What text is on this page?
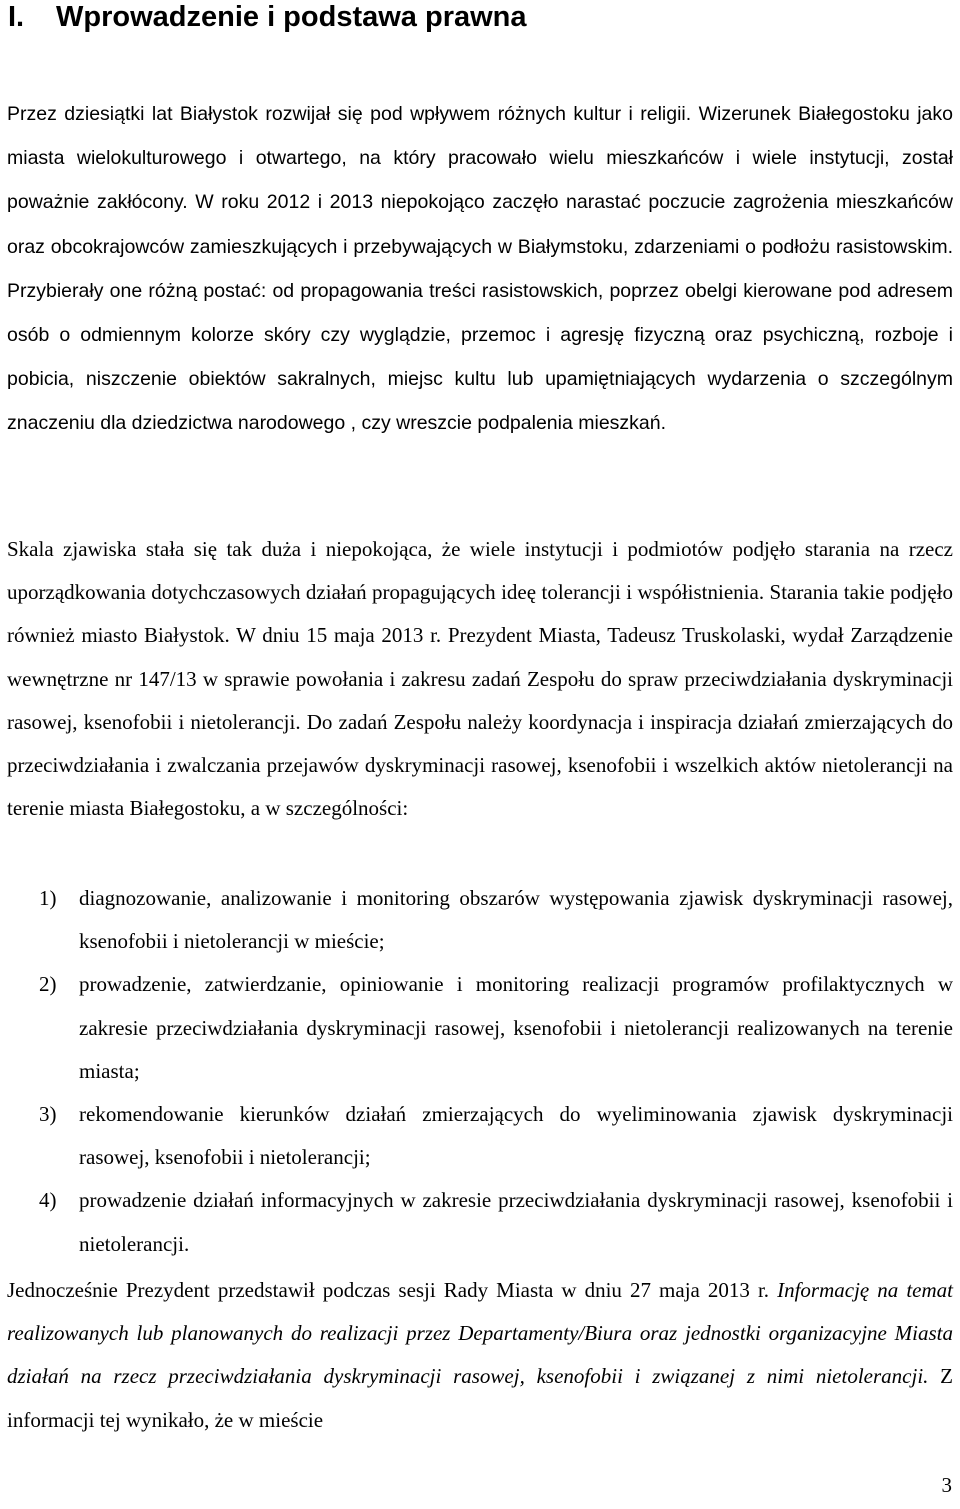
I. Wprowadzenie i podstawa prawna

Przez dziesiątki lat Białystok rozwijał się pod wpływem różnych kultur i religii. Wizerunek Białegostoku jako miasta wielokulturowego i otwartego, na który pracowało wielu mieszkańców i wiele instytucji, został poważnie zakłócony. W roku 2012 i 2013 niepokojąco zaczęło narastać poczucie zagrożenia mieszkańców oraz obcokrajowców zamieszkujących i przebywających w Białymstoku, zdarzeniami o podłożu rasistowskim. Przybierały one różną postać: od propagowania treści rasistowskich, poprzez obelgi kierowane pod adresem osób o odmiennym kolorze skóry czy wyglądzie, przemoc i agresję fizyczną oraz psychiczną, rozboje i pobicia, niszczenie obiektów sakralnych, miejsc kultu lub upamiętniających wydarzenia o szczególnym znaczeniu dla dziedzictwa narodowego , czy wreszcie podpalenia mieszkań.

Skala zjawiska stała się tak duża i niepokojąca, że wiele instytucji i podmiotów podjęło starania na rzecz uporządkowania dotychczasowych działań propagujących ideę tolerancji i współistnienia. Starania takie podjęło również miasto Białystok. W dniu 15 maja 2013 r. Prezydent Miasta, Tadeusz Truskolaski, wydał Zarządzenie wewnętrzne nr 147/13 w sprawie powołania i zakresu zadań Zespołu do spraw przeciwdziałania dyskryminacji rasowej, ksenofobii i nietolerancji. Do zadań Zespołu należy koordynacja i inspiracja działań zmierzających do przeciwdziałania i zwalczania przejawów dyskryminacji rasowej, ksenofobii i wszelkich aktów nietolerancji na terenie miasta Białegostoku, a w szczególności:

1) diagnozowanie, analizowanie i monitoring obszarów występowania zjawisk dyskryminacji rasowej, ksenofobii i nietolerancji w mieście;
2) prowadzenie, zatwierdzanie, opiniowanie i monitoring realizacji programów profilaktycznych w zakresie przeciwdziałania dyskryminacji rasowej, ksenofobii i nietolerancji realizowanych na terenie miasta;
3) rekomendowanie kierunków działań zmierzających do wyeliminowania zjawisk dyskryminacji rasowej, ksenofobii i nietolerancji;
4) prowadzenie działań informacyjnych w zakresie przeciwdziałania dyskryminacji rasowej, ksenofobii i nietolerancji.

Jednocześnie Prezydent przedstawił podczas sesji Rady Miasta w dniu 27 maja 2013 r. Informację na temat realizowanych lub planowanych do realizacji przez Departamenty/Biura oraz jednostki organizacyjne Miasta działań na rzecz przeciwdziałania dyskryminacji rasowej, ksenofobii i związanej z nimi nietolerancji. Z informacji tej wynikało, że w mieście

3
